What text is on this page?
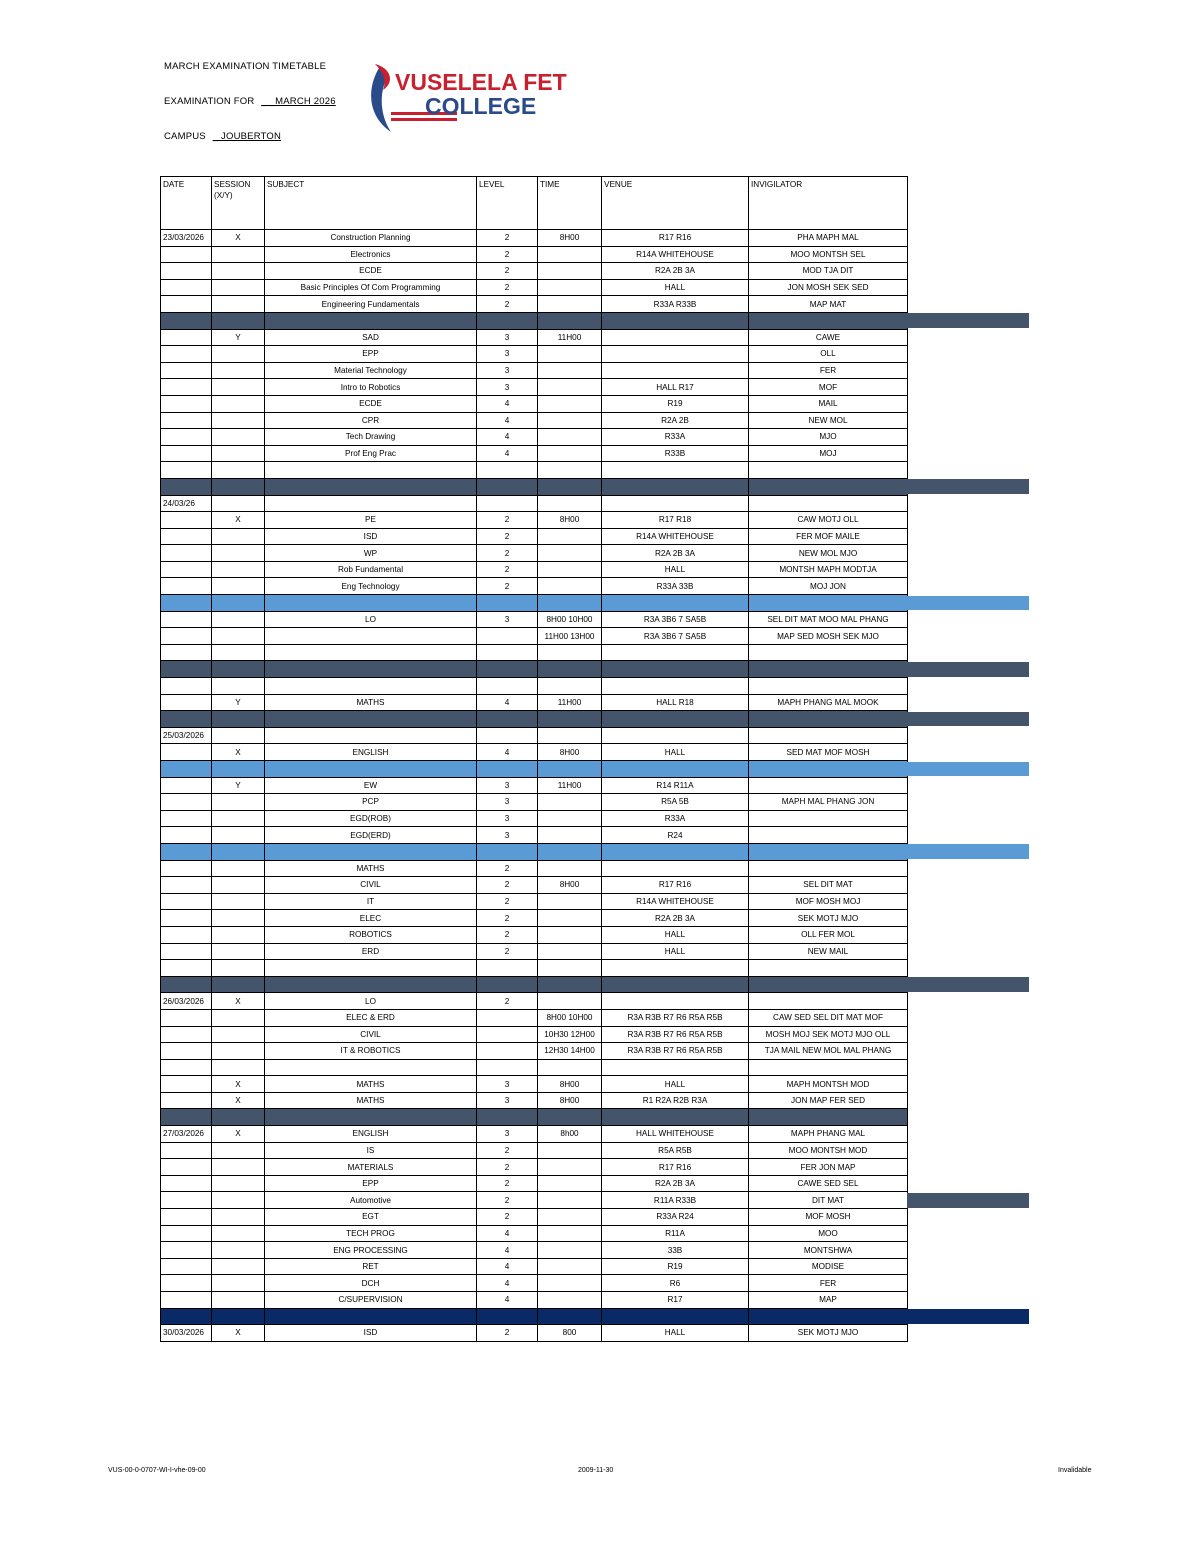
MARCH EXAMINATION TIMETABLE
EXAMINATION FOR _ _MARCH 2026
CAMPUS _ JOUBERTON
VUSELELA FET
COLLEGE
DATE	SESSION (X/Y)	SUBJECT	LEVEL	TIME	VENUE	INVIGILATOR
23/03/2026	X	Construction Planning	2	8H00	R17 R16	PHA MAPH MAL
		Electronics	2		R14A WHITEHOUSE	MOO MONTSH SEL
		ECDE	2		R2A 2B 3A	MOD TJA DIT
		Basic Principles Of Com Programming	2		HALL	JON MOSH SEK SED
		Engineering Fundamentals	2		R33A R33B	MAP MAT

	Y	SAD	3	11H00		CAWE
		EPP	3			OLL
		Material Technology	3			FER
		Intro to Robotics	3		HALL R17	MOF
		ECDE	4		R19	MAIL
		CPR	4		R2A 2B	NEW MOL
		Tech Drawing	4		R33A	MJO
		Prof Eng Prac	4		R33B	MOJ

24/03/26						
	X	PE	2	8H00	R17 R18	CAW MOTJ OLL
		ISD	2		R14A WHITEHOUSE	FER MOF MAILE
		WP	2		R2A 2B 3A	NEW MOL MJO
		Rob Fundamental	2		HALL	MONTSH MAPH MODTJA
		Eng Technology	2		R33A 33B	MOJ JON

		LO	3	8H00 10H00	R3A 3B6 7 SA5B	SEL DIT MAT MOO MAL PHANG
				11H00 13H00	R3A 3B6 7 SA5B	MAP SED MOSH SEK MJO

	Y	MATHS	4	11H00	HALL R18	MAPH PHANG MAL MOOK

25/03/2026						
	X	ENGLISH	4	8H00	HALL	SED MAT MOF MOSH

	Y	EW	3	11H00	R14 R11A	
		PCP	3		R5A 5B	MAPH MAL PHANG JON
		EGD(ROB)	3		R33A	
		EGD(ERD)	3		R24	

		MATHS	2			
		CIVIL	2	8H00	R17 R16	SEL DIT MAT
		IT	2		R14A WHITEHOUSE	MOF MOSH MOJ
		ELEC	2		R2A 2B 3A	SEK MOTJ MJO
		ROBOTICS	2		HALL	OLL FER MOL
		ERD	2		HALL	NEW MAIL

26/03/2026	X	LO	2			
		ELEC & ERD		8H00 10H00	R3A R3B R7 R6 R5A R5B	CAW SED SEL DIT MAT MOF
		CIVIL		10H30 12H00	R3A R3B R7 R6 R5A R5B	MOSH MOJ SEK MOTJ MJO OLL
		IT & ROBOTICS		12H30 14H00	R3A R3B R7 R6 R5A R5B	TJA MAIL NEW MOL MAL PHANG

	X	MATHS	3	8H00	HALL	MAPH MONTSH MOD
	X	MATHS	3	8H00	R1 R2A R2B R3A	JON MAP FER SED

27/03/2026	X	ENGLISH	3	8h00	HALL WHITEHOUSE	MAPH PHANG MAL
		IS	2		R5A R5B	MOO MONTSH MOD
		MATERIALS	2		R17 R16	FER JON MAP
		EPP	2		R2A 2B 3A	CAWE SED SEL
		Automotive	2		R11A R33B	DIT MAT
		EGT	2		R33A R24	MOF MOSH
		TECH PROG	4		R11A	MOO
		ENG PROCESSING	4		33B	MONTSHWA
		RET	4		R19	MODISE
		DCH	4		R6	FER
		C/SUPERVISION	4		R17	MAP

30/03/2026	X	ISD	2	800	HALL	SEK MOTJ MJO
VUS-00-0-0707-WI-I-vhe-09-00	2009-11-30	Invalidable
